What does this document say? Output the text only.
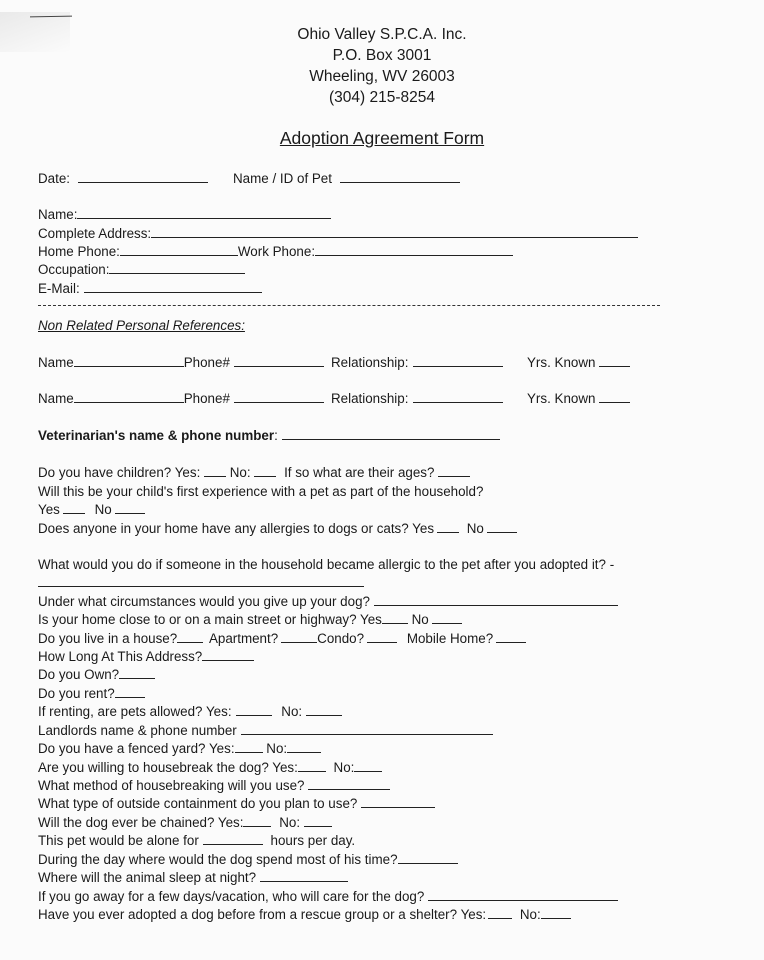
Ohio Valley S.P.C.A. Inc.
P.O. Box 3001
Wheeling, WV 26003
(304) 215-8254
Adoption Agreement Form
Date:	Name / ID of Pet
Name:
Complete Address:
Home Phone:	Work Phone:
Occupation:
E-Mail:
Non Related Personal References:
Name	Phone#	Relationship:	Yrs. Known
Name	Phone#	Relationship:	Yrs. Known
Veterinarian's name & phone number:
Do you have children? Yes: No: If so what are their ages?
Will this be your child's first experience with a pet as part of the household?
Yes	No
Does anyone in your home have any allergies to dogs or cats? Yes No
What would you do if someone in the household became allergic to the pet after you adopted it? -
Under what circumstances would you give up your dog?
Is your home close to or on a main street or highway? Yes No
Do you live in a house? Apartment?	Condo?	Mobile Home?
How Long At This Address?
Do you Own?
Do you rent?
If renting, are pets allowed? Yes:	No:
Landlords name & phone number
Do you have a fenced yard? Yes: No:
Are you willing to housebreak the dog? Yes:	No:
What method of housebreaking will you use?
What type of outside containment do you plan to use?
Will the dog ever be chained? Yes:	No:
This pet would be alone for	hours per day.
During the day where would the dog spend most of his time?
Where will the animal sleep at night?
If you go away for a few days/vacation, who will care for the dog?
Have you ever adopted a dog before from a rescue group or a shelter? Yes:	No:
